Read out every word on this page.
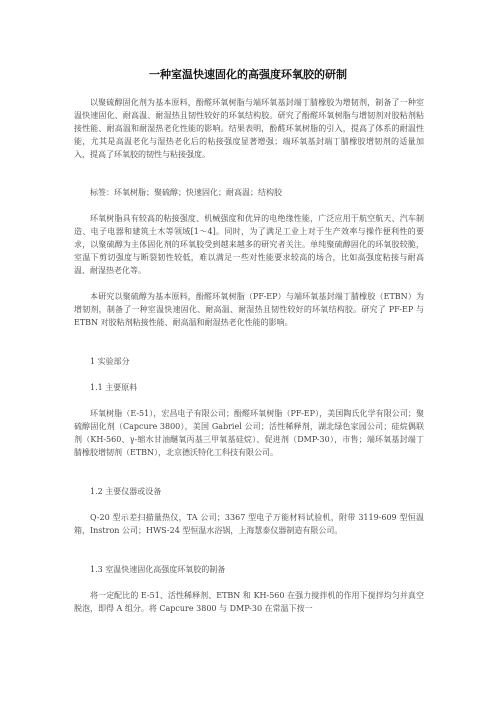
一种室温快速固化的高强度环氧胶的研制

以聚硫醇固化剂为基本原料，酚醛环氧树脂与端环氧基封端丁腈橡胶为增韧剂，制备了一种室温快速固化、耐高温、耐湿热且韧性较好的环氧结构胶。研究了酚醛环氧树脂与增韧剂对胶粘剂粘接性能、耐高温和耐湿热老化性能的影响。结果表明，酚醛环氧树脂的引入，提高了体系的耐温性能，尤其是高温老化与湿热老化后的粘接强度显著增强；端环氧基封端丁腈橡胶增韧剂的适量加入，提高了环氧胶的韧性与粘接强度。

标签：环氧树脂；聚硫醇；快速固化；耐高温；结构胶

环氧树脂具有较高的粘接强度、机械强度和优异的电绝缘性能，广泛应用于航空航天、汽车制造、电子电器和建筑土木等领域[1～4]。同时，为了满足工业上对于生产效率与操作便利性的要求，以聚硫醇为主体固化剂的环氧胶受到越来越多的研究者关注。单纯聚硫醇固化的环氧胶较脆，室温下剪切强度与断裂韧性较低，难以满足一些对性能要求较高的场合，比如高强度粘接与耐高温、耐湿热老化等。

本研究以聚硫醇为基本原料，酚醛环氧树脂（PF-EP）与端环氧基封端丁腈橡胶（ETBN）为增韧剂，制备了一种室温快速固化、耐高温、耐湿热且韧性较好的环氧结构胶。研究了 PF-EP 与 ETBN 对胶粘剂粘接性能、耐高温和耐湿热老化性能的影响。

1 实验部分

1.1 主要原料

环氧树脂（E-51），宏昌电子有限公司；酚醛环氧树脂（PF-EP），美国陶氏化学有限公司；聚硫醇固化剂（Capcure 3800），美国 Gabriel 公司；活性稀释剂，湖北绿色家园公司；硅烷偶联剂（KH-560、γ-缩水甘油醚氧丙基三甲氧基硅烷）、促进剂（DMP-30），市售；端环氧基封端丁腈橡胶增韧剂（ETBN），北京德沃特化工科技有限公司。

1.2 主要仪器或设备

Q-20 型示差扫描量热仪，TA 公司；3367 型电子万能材料试验机，附带 3119-609 型恒温箱，Instron 公司；HWS-24 型恒温水浴锅，上海慧泰仪器制造有限公司。

1.3 室温快速固化高强度环氧胶的制备

将一定配比的 E-51、活性稀释剂、ETBN 和 KH-560 在强力搅拌机的作用下搅拌均匀并真空脱泡，即得 A 组分。将 Capcure 3800 与 DMP-30 在常温下按一
